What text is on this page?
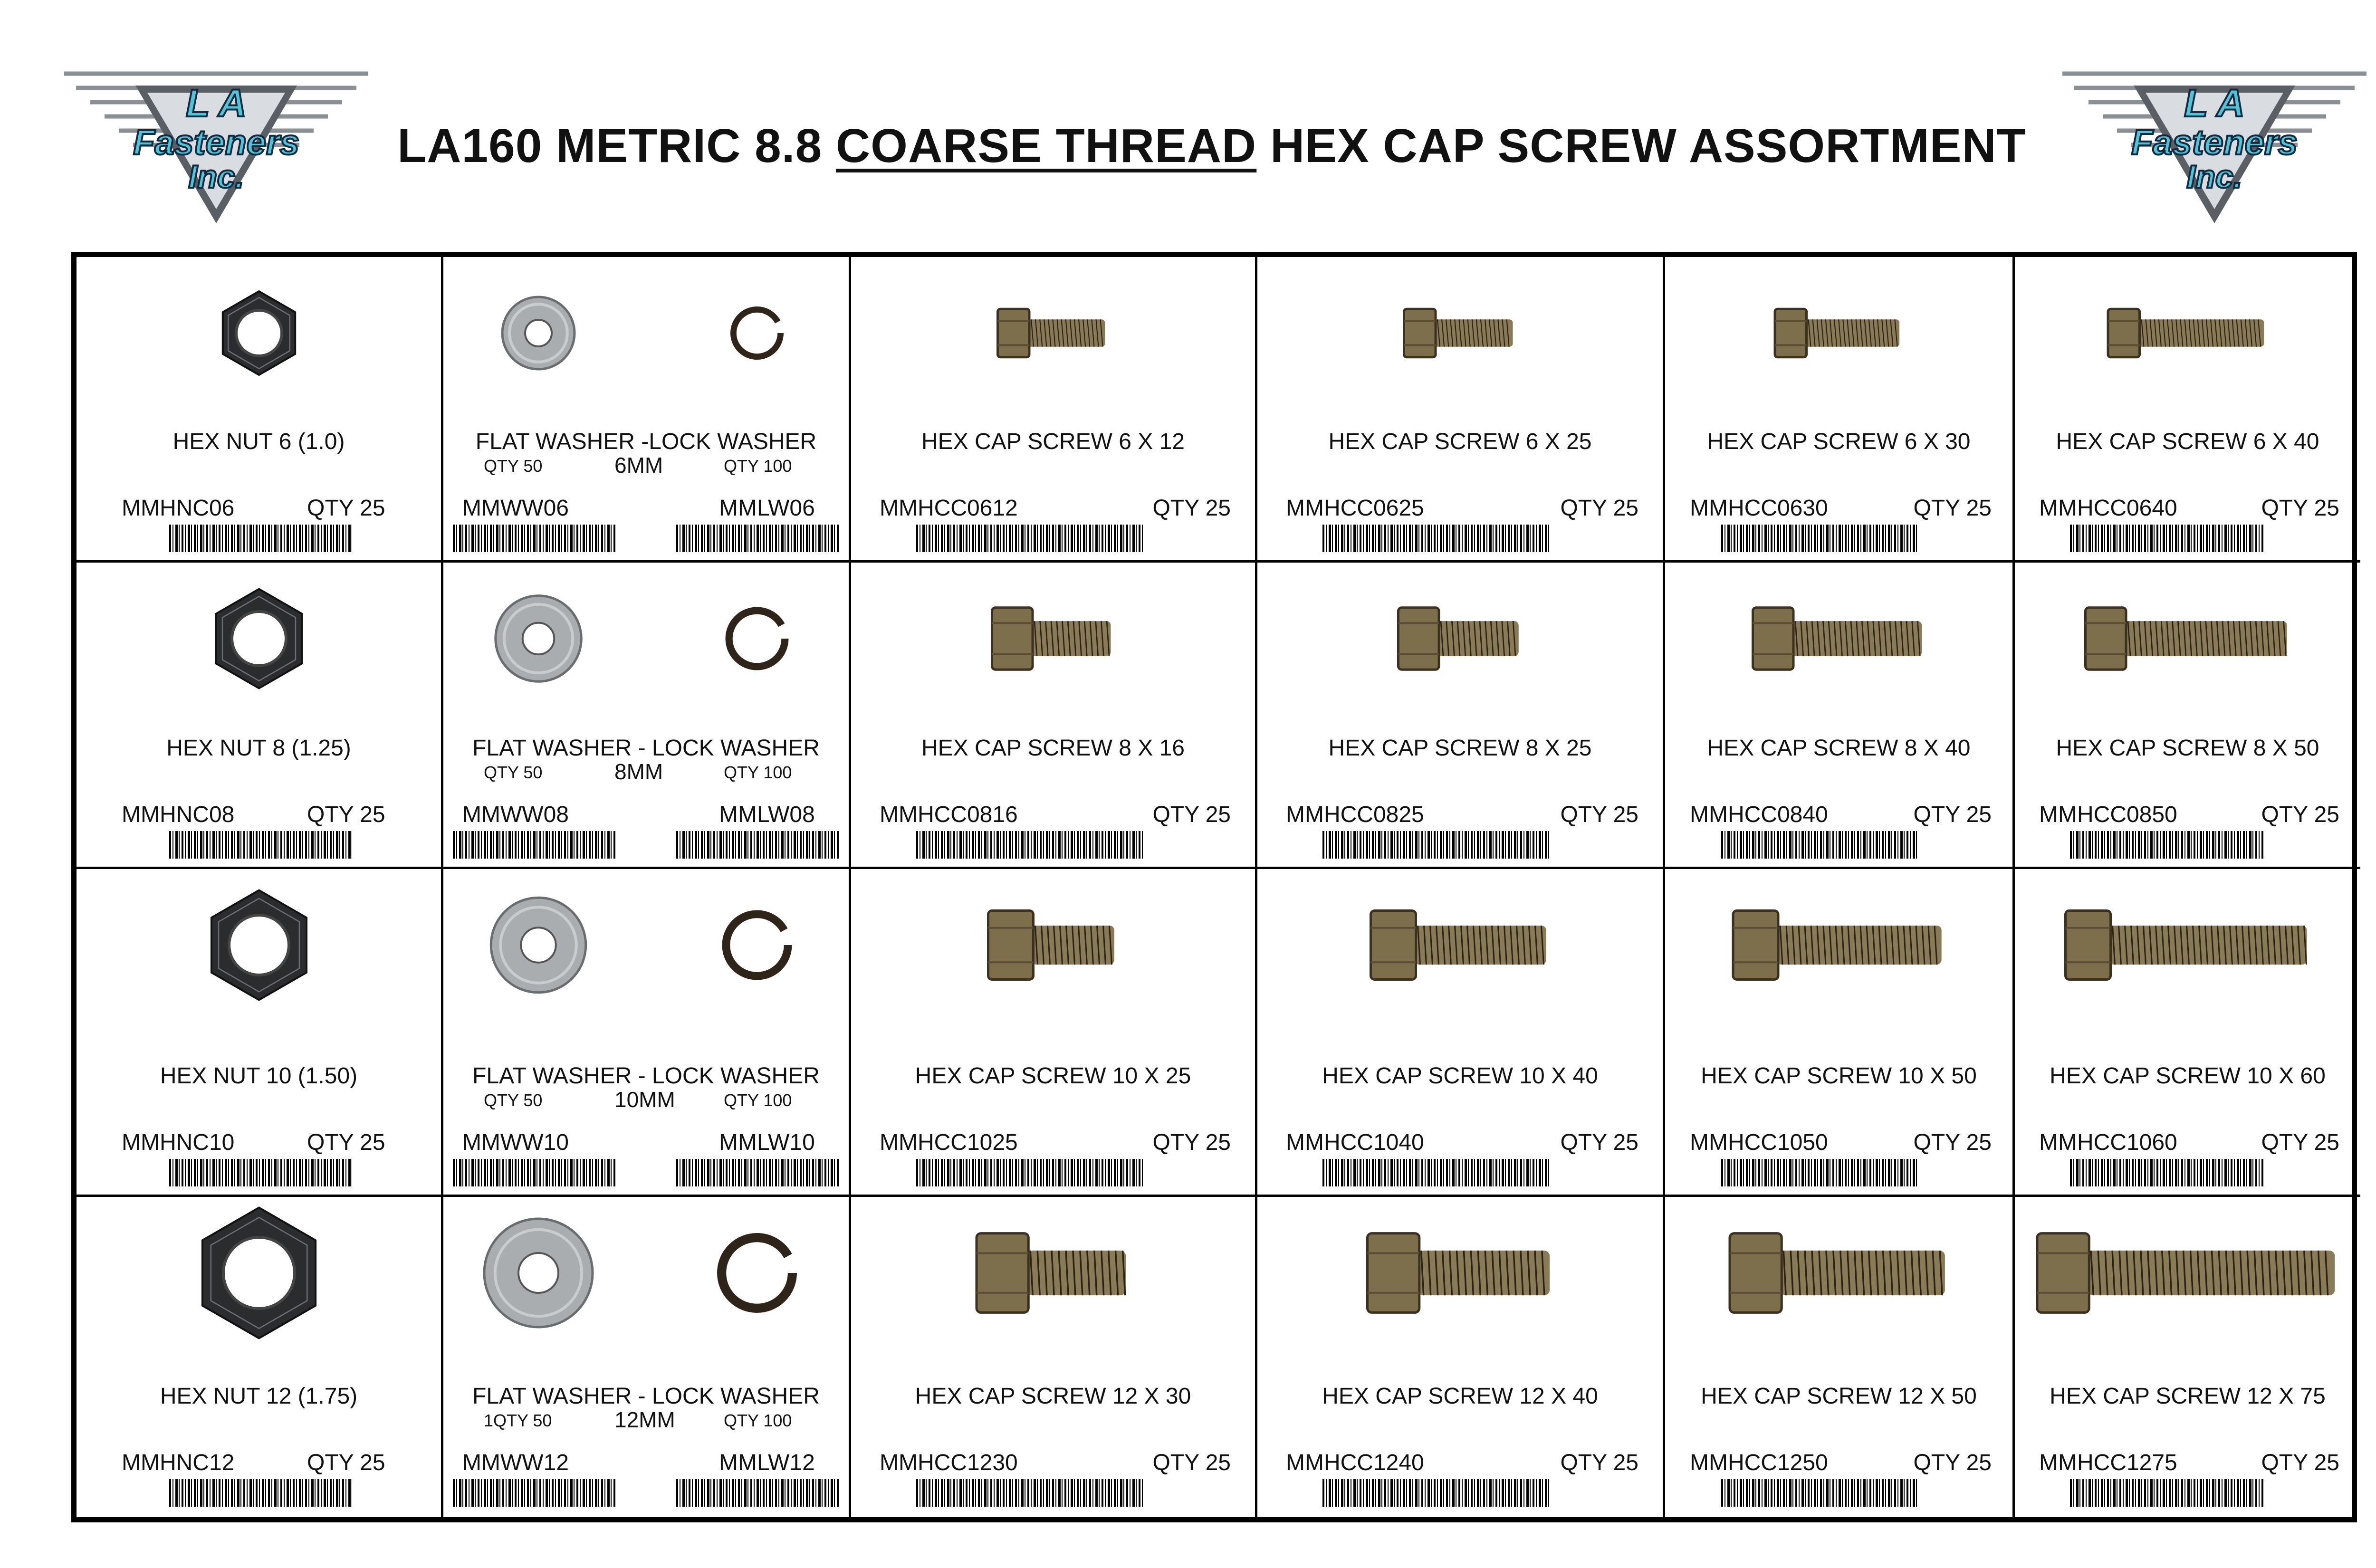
L A
Fasteners
Inc.
L A
Fasteners
Inc.
LA160 METRIC 8.8 COARSE THREAD HEX CAP SCREW ASSORTMENT
HEX NUT 6 (1.0)
MMHNC06	QTY 25
FLAT WASHER -LOCK WASHER
QTY 50	6MM	QTY 100
MMWW06	MMLW06
HEX CAP SCREW 6 X 12
MMHCC0612	QTY 25
HEX CAP SCREW 6 X 25
MMHCC0625	QTY 25
HEX CAP SCREW 6 X 30
MMHCC0630	QTY 25
HEX CAP SCREW 6 X 40
MMHCC0640	QTY 25
HEX NUT 8 (1.25)
MMHNC08	QTY 25
FLAT WASHER - LOCK WASHER
QTY 50	8MM	QTY 100
MMWW08	MMLW08
HEX CAP SCREW 8 X 16
MMHCC0816	QTY 25
HEX CAP SCREW 8 X 25
MMHCC0825	QTY 25
HEX CAP SCREW 8 X 40
MMHCC0840	QTY 25
HEX CAP SCREW 8 X 50
MMHCC0850	QTY 25
HEX NUT 10 (1.50)
MMHNC10	QTY 25
FLAT WASHER - LOCK WASHER
QTY 50	10MM	QTY 100
MMWW10	MMLW10
HEX CAP SCREW 10 X 25
MMHCC1025	QTY 25
HEX CAP SCREW 10 X 40
MMHCC1040	QTY 25
HEX CAP SCREW 10 X 50
MMHCC1050	QTY 25
HEX CAP SCREW 10 X 60
MMHCC1060	QTY 25
HEX NUT 12 (1.75)
MMHNC12	QTY 25
FLAT WASHER - LOCK WASHER
1QTY 50	12MM	QTY 100
MMWW12	MMLW12
HEX CAP SCREW 12 X 30
MMHCC1230	QTY 25
HEX CAP SCREW 12 X 40
MMHCC1240	QTY 25
HEX CAP SCREW 12 X 50
MMHCC1250	QTY 25
HEX CAP SCREW 12 X 75
MMHCC1275	QTY 25
